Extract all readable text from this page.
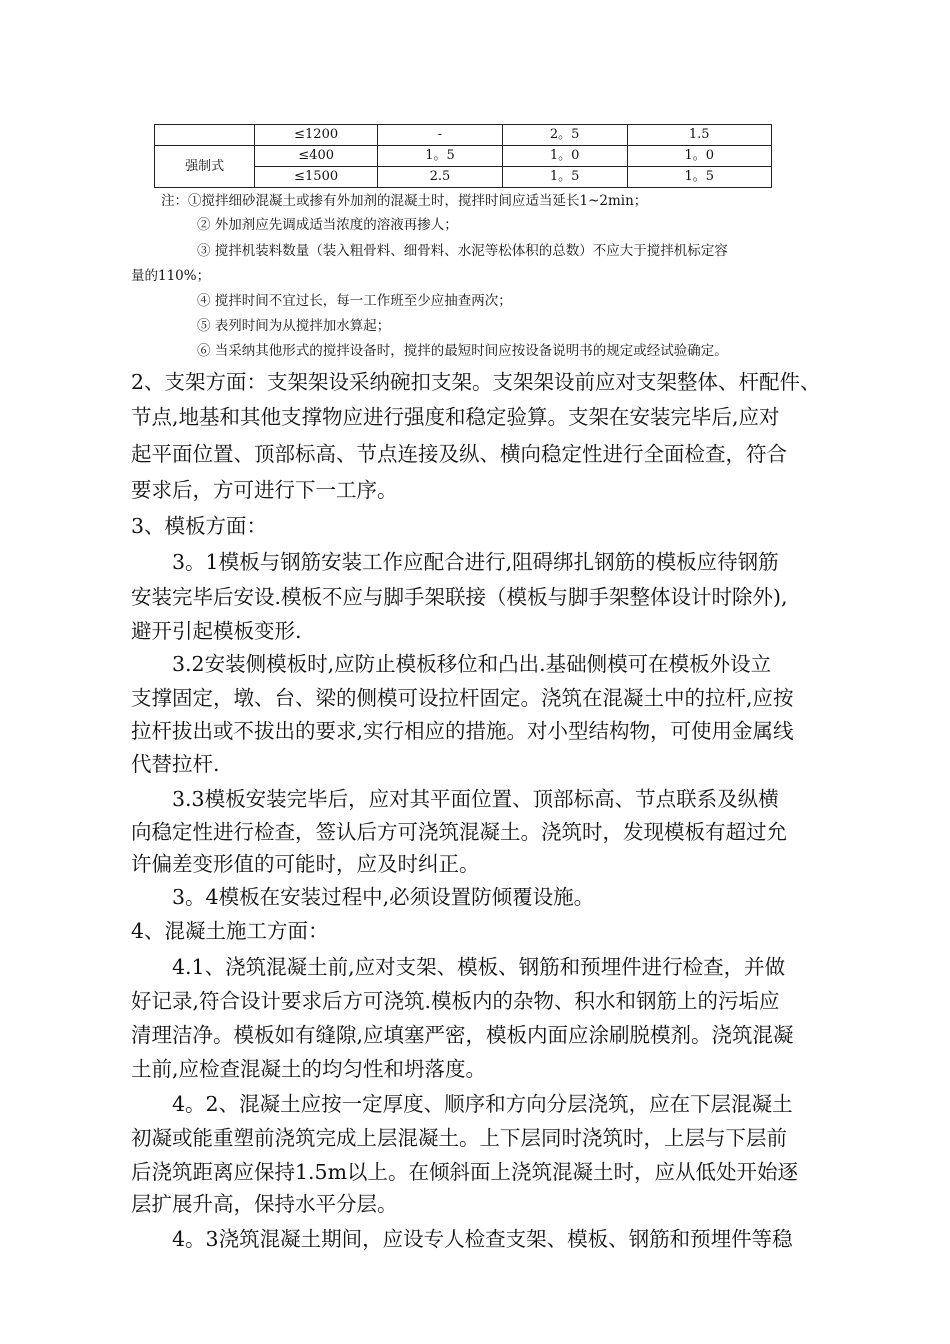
	≤1200	-	2。5	1.5
强制式	≤400	1。5	1。0	1。0
	≤1500	2.5	1。5	1。5
注：①搅拌细砂混凝土或掺有外加剂的混凝土时，搅拌时间应适当延长1~2min；
② 外加剂应先调成适当浓度的溶液再掺人；
③ 搅拌机装料数量（装入粗骨料、细骨料、水泥等松体积的总数）不应大于搅拌机标定容
量的110%；
④ 搅拌时间不宜过长，每一工作班至少应抽查两次；
⑤ 表列时间为从搅拌加水算起；
⑥ 当采纳其他形式的搅拌设备时，搅拌的最短时间应按设备说明书的规定或经试验确定。
2、支架方面：支架架设采纳碗扣支架。支架架设前应对支架整体、杆配件、
节点,地基和其他支撑物应进行强度和稳定验算。支架在安装完毕后,应对
起平面位置、顶部标高、节点连接及纵、横向稳定性进行全面检查，符合
要求后，方可进行下一工序。
3、模板方面：
3。1模板与钢筋安装工作应配合进行,阻碍绑扎钢筋的模板应待钢筋
安装完毕后安设.模板不应与脚手架联接（模板与脚手架整体设计时除外),
避开引起模板变形.
3.2安装侧模板时,应防止模板移位和凸出.基础侧模可在模板外设立
支撑固定，墩、台、梁的侧模可设拉杆固定。浇筑在混凝土中的拉杆,应按
拉杆拔出或不拔出的要求,实行相应的措施。对小型结构物，可使用金属线
代替拉杆.
3.3模板安装完毕后，应对其平面位置、顶部标高、节点联系及纵横
向稳定性进行检查，签认后方可浇筑混凝土。浇筑时，发现模板有超过允
许偏差变形值的可能时，应及时纠正。
3。4模板在安装过程中,必须设置防倾覆设施。
4、混凝土施工方面：
4.1、浇筑混凝土前,应对支架、模板、钢筋和预埋件进行检查，并做
好记录,符合设计要求后方可浇筑.模板内的杂物、积水和钢筋上的污垢应
清理洁净。模板如有缝隙,应填塞严密，模板内面应涂刷脱模剂。浇筑混凝
土前,应检查混凝土的均匀性和坍落度。
4。2、混凝土应按一定厚度、顺序和方向分层浇筑，应在下层混凝土
初凝或能重塑前浇筑完成上层混凝土。上下层同时浇筑时，上层与下层前
后浇筑距离应保持1.5m以上。在倾斜面上浇筑混凝土时，应从低处开始逐
层扩展升高，保持水平分层。
4。3浇筑混凝土期间，应设专人检查支架、模板、钢筋和预埋件等稳
